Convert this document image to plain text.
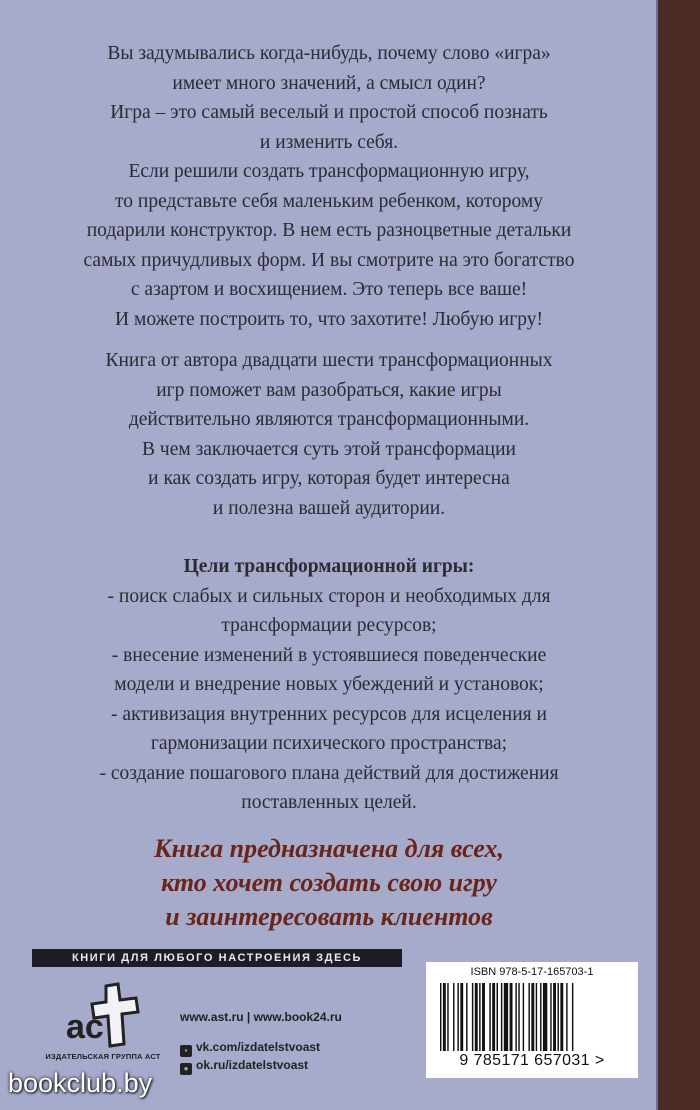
Вы задумывались когда-нибудь, почему слово «игра»
имеет много значений, а смысл один?
Игра – это самый веселый и простой способ познать
и изменить себя.
Если решили создать трансформационную игру,
то представьте себя маленьким ребенком, которому
подарили конструктор. В нем есть разноцветные детальки
самых причудливых форм. И вы смотрите на это богатство
с азартом и восхищением. Это теперь все ваше!
И можете построить то, что захотите! Любую игру!
Книга от автора двадцати шести трансформационных
игр поможет вам разобраться, какие игры
действительно являются трансформационными.
В чем заключается суть этой трансформации
и как создать игру, которая будет интересна
и полезна вашей аудитории.
Цели трансформационной игры:
- поиск слабых и сильных сторон и необходимых для
трансформации ресурсов;
- внесение изменений в устоявшиеся поведенческие
модели и внедрение новых убеждений и установок;
- активизация внутренних ресурсов для исцеления и
гармонизации психического пространства;
- создание пошагового плана действий для достижения
поставленных целей.
Книга предназначена для всех,
кто хочет создать свою игру
и заинтересовать клиентов
КНИГИ ДЛЯ ЛЮБОГО НАСТРОЕНИЯ ЗДЕСЬ
ac
ИЗДАТЕЛЬСКАЯ ГРУППА АСТ
www.ast.ru | www.book24.ru
▪ vk.com/izdatelstvoast
● ok.ru/izdatelstvoast
ISBN 978-5-17-165703-1
9 785171 657031 >
bookclub.by
